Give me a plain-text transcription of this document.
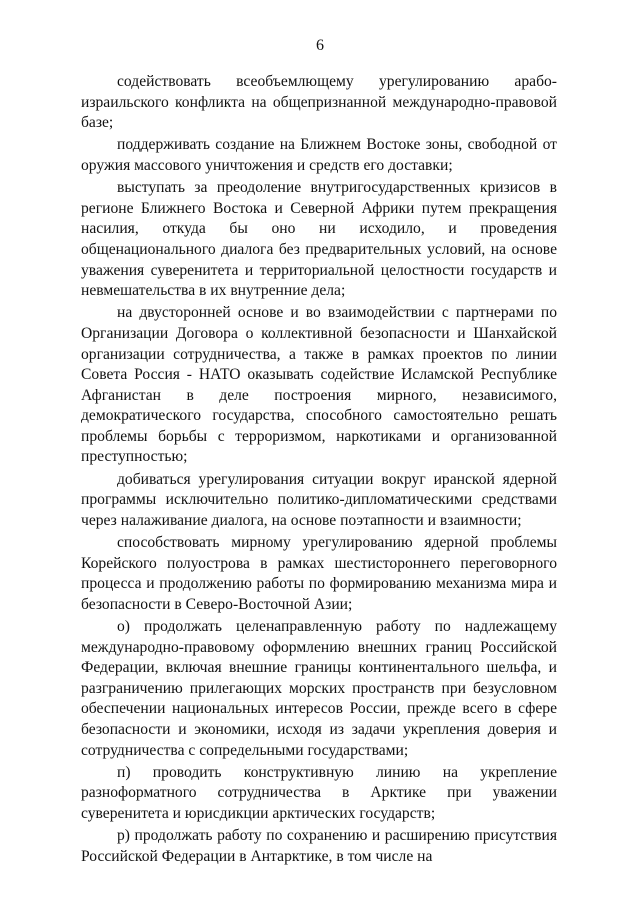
6

содействовать всеобъемлющему урегулированию арабо-израильского конфликта на общепризнанной международно-правовой базе;

поддерживать создание на Ближнем Востоке зоны, свободной от оружия массового уничтожения и средств его доставки;

выступать за преодоление внутригосударственных кризисов в регионе Ближнего Востока и Северной Африки путем прекращения насилия, откуда бы оно ни исходило, и проведения общенационального диалога без предварительных условий, на основе уважения суверенитета и территориальной целостности государств и невмешательства в их внутренние дела;

на двусторонней основе и во взаимодействии с партнерами по Организации Договора о коллективной безопасности и Шанхайской организации сотрудничества, а также в рамках проектов по линии Совета Россия - НАТО оказывать содействие Исламской Республике Афганистан в деле построения мирного, независимого, демократического государства, способного самостоятельно решать проблемы борьбы с терроризмом, наркотиками и организованной преступностью;

добиваться урегулирования ситуации вокруг иранской ядерной программы исключительно политико-дипломатическими средствами через налаживание диалога, на основе поэтапности и взаимности;

способствовать мирному урегулированию ядерной проблемы Корейского полуострова в рамках шестистороннего переговорного процесса и продолжению работы по формированию механизма мира и безопасности в Северо-Восточной Азии;

о) продолжать целенаправленную работу по надлежащему международно-правовому оформлению внешних границ Российской Федерации, включая внешние границы континентального шельфа, и разграничению прилегающих морских пространств при безусловном обеспечении национальных интересов России, прежде всего в сфере безопасности и экономики, исходя из задачи укрепления доверия и сотрудничества с сопредельными государствами;

п) проводить конструктивную линию на укрепление разноформатного сотрудничества в Арктике при уважении суверенитета и юрисдикции арктических государств;

р) продолжать работу по сохранению и расширению присутствия Российской Федерации в Антарктике, в том числе на
